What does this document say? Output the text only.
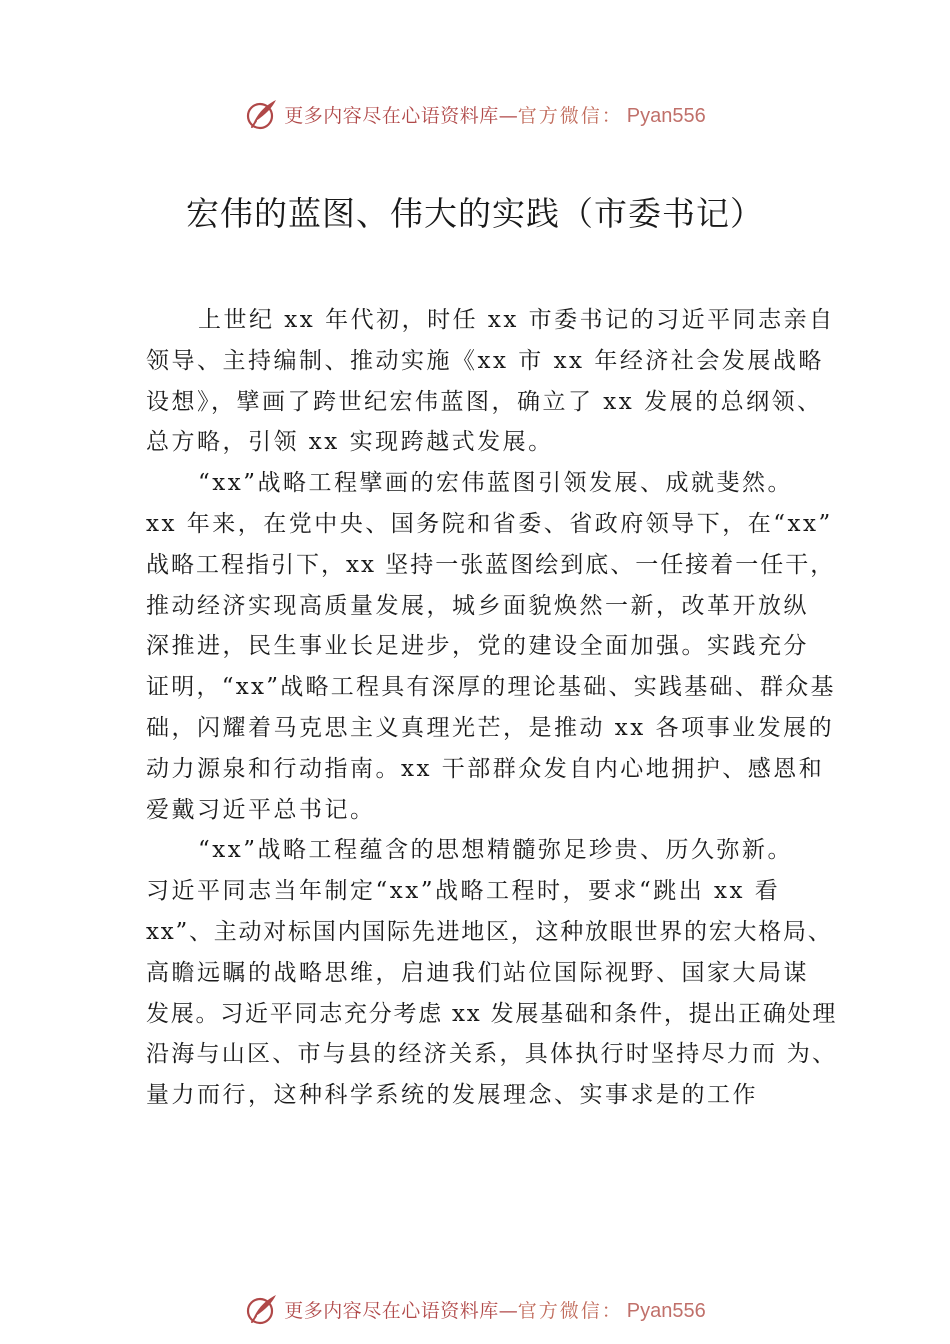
更多内容尽在心语资料库 — 官方微信： Pyan556
宏伟的蓝图、伟大的实践（市委书记）
上世纪 xx 年代初，时任 xx 市委书记的习近平同志亲自
领导、主持编制、推动实施《xx 市 xx 年经济社会发展战略
设想》，擘画了跨世纪宏伟蓝图，确立了 xx 发展的总纲领、
总方略，引领 xx 实现跨越式发展。
“xx”战略工程擘画的宏伟蓝图引领发展、成就斐然。
xx 年来，在党中央、国务院和省委、省政府领导下，在“xx”
战略工程指引下，xx 坚持一张蓝图绘到底、一任接着一任干，
推动经济实现高质量发展，城乡面貌焕然一新，改革开放纵
深推进，民生事业长足进步，党的建设全面加强。实践充分
证明，“xx”战略工程具有深厚的理论基础、实践基础、群众基
础，闪耀着马克思主义真理光芒，是推动 xx 各项事业发展的
动力源泉和行动指南。xx 干部群众发自内心地拥护、感恩和
爱戴习近平总书记。
“xx”战略工程蕴含的思想精髓弥足珍贵、历久弥新。
习近平同志当年制定“xx”战略工程时，要求“跳出 xx 看
xx”、主动对标国内国际先进地区，这种放眼世界的宏大格局、
高瞻远瞩的战略思维，启迪我们站位国际视野、国家大局谋
发展。习近平同志充分考虑 xx 发展基础和条件，提出正确处理
沿海与山区、市与县的经济关系，具体执行时坚持尽力而 为、
量力而行，这种科学系统的发展理念、实事求是的工作
更多内容尽在心语资料库 — 官方微信： Pyan556
